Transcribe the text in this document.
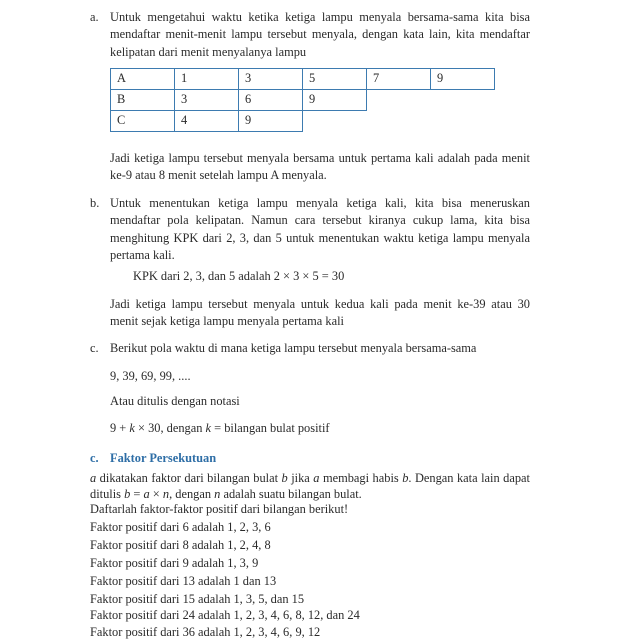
a. Untuk mengetahui waktu ketika ketiga lampu menyala bersama-sama kita bisa mendaftar menit-menit lampu tersebut menyala, dengan kata lain, kita mendaftar kelipatan dari menit menyalanya lampu
A	1	3	5	7	9
B	3	6	9		
C	4	9			
Jadi ketiga lampu tersebut menyala bersama untuk pertama kali adalah pada menit ke-9 atau 8 menit setelah lampu A menyala.
b. Untuk menentukan ketiga lampu menyala ketiga kali, kita bisa meneruskan mendaftar pola kelipatan. Namun cara tersebut kiranya cukup lama, kita bisa menghitung KPK dari 2, 3, dan 5 untuk menentukan waktu ketiga lampu menyala pertama kali.
KPK dari 2, 3, dan 5 adalah 2 × 3 × 5 = 30
Jadi ketiga lampu tersebut menyala untuk kedua kali pada menit ke-39 atau 30 menit sejak ketiga lampu menyala pertama kali
c. Berikut pola waktu di mana ketiga lampu tersebut menyala bersama-sama
9, 39, 69, 99, ....
Atau ditulis dengan notasi
9 + k × 30, dengan k = bilangan bulat positif
c. Faktor Persekutuan
a dikatakan faktor dari bilangan bulat b jika a membagi habis b. Dengan kata lain dapat ditulis b = a × n, dengan n adalah suatu bilangan bulat.
Daftarlah faktor-faktor positif dari bilangan berikut!
Faktor positif dari 6 adalah 1, 2, 3, 6
Faktor positif dari 8 adalah 1, 2, 4, 8
Faktor positif dari 9 adalah 1, 3, 9
Faktor positif dari 13 adalah 1 dan 13
Faktor positif dari 15 adalah 1, 3, 5, dan 15
Faktor positif dari 24 adalah 1, 2, 3, 4, 6, 8, 12, dan 24
Faktor positif dari 36 adalah 1, 2, 3, 4, 6, 9, 12
